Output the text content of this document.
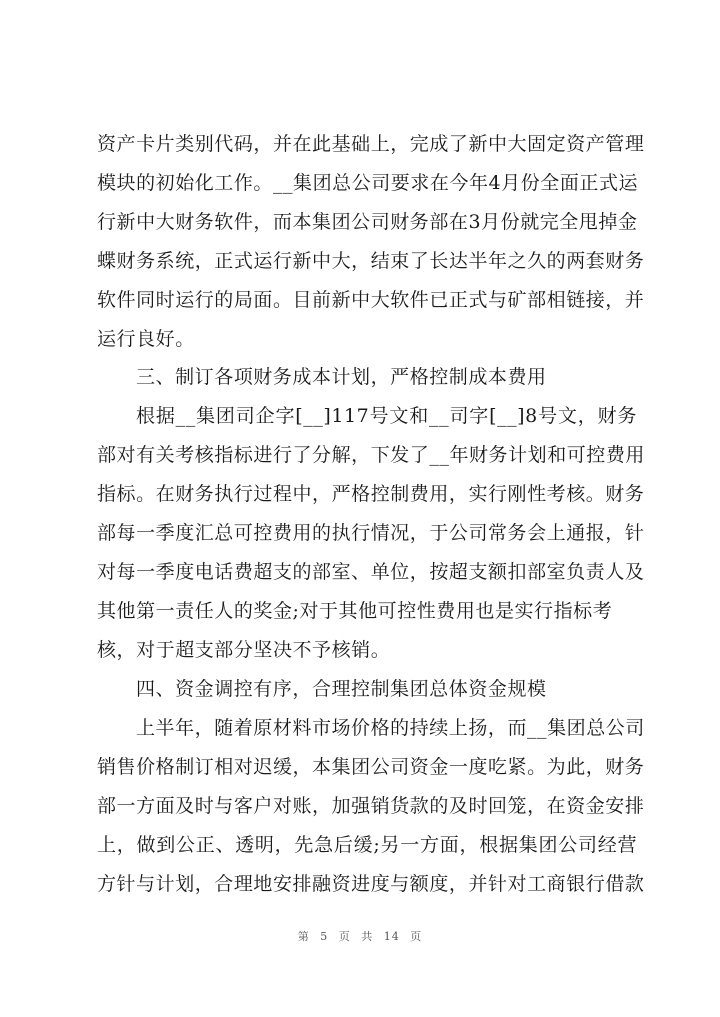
资产卡片类别代码，并在此基础上，完成了新中大固定资产管理
模块的初始化工作。__集团总公司要求在今年4月份全面正式运
行新中大财务软件，而本集团公司财务部在3月份就完全甩掉金
蝶财务系统，正式运行新中大，结束了长达半年之久的两套财务
软件同时运行的局面。目前新中大软件已正式与矿部相链接，并
运行良好。
三、制订各项财务成本计划，严格控制成本费用
根据__集团司企字[__]117号文和__司字[__]8号文，财务
部对有关考核指标进行了分解，下发了__年财务计划和可控费用
指标。在财务执行过程中，严格控制费用，实行刚性考核。财务
部每一季度汇总可控费用的执行情况，于公司常务会上通报，针
对每一季度电话费超支的部室、单位，按超支额扣部室负责人及
其他第一责任人的奖金;对于其他可控性费用也是实行指标考
核，对于超支部分坚决不予核销。
四、资金调控有序，合理控制集团总体资金规模
上半年，随着原材料市场价格的持续上扬，而__集团总公司
销售价格制订相对迟缓，本集团公司资金一度吃紧。为此，财务
部一方面及时与客户对账，加强销货款的及时回笼，在资金安排
上，做到公正、透明，先急后缓;另一方面，根据集团公司经营
方针与计划，合理地安排融资进度与额度，并针对工商银行借款
第 5 页 共 14 页
